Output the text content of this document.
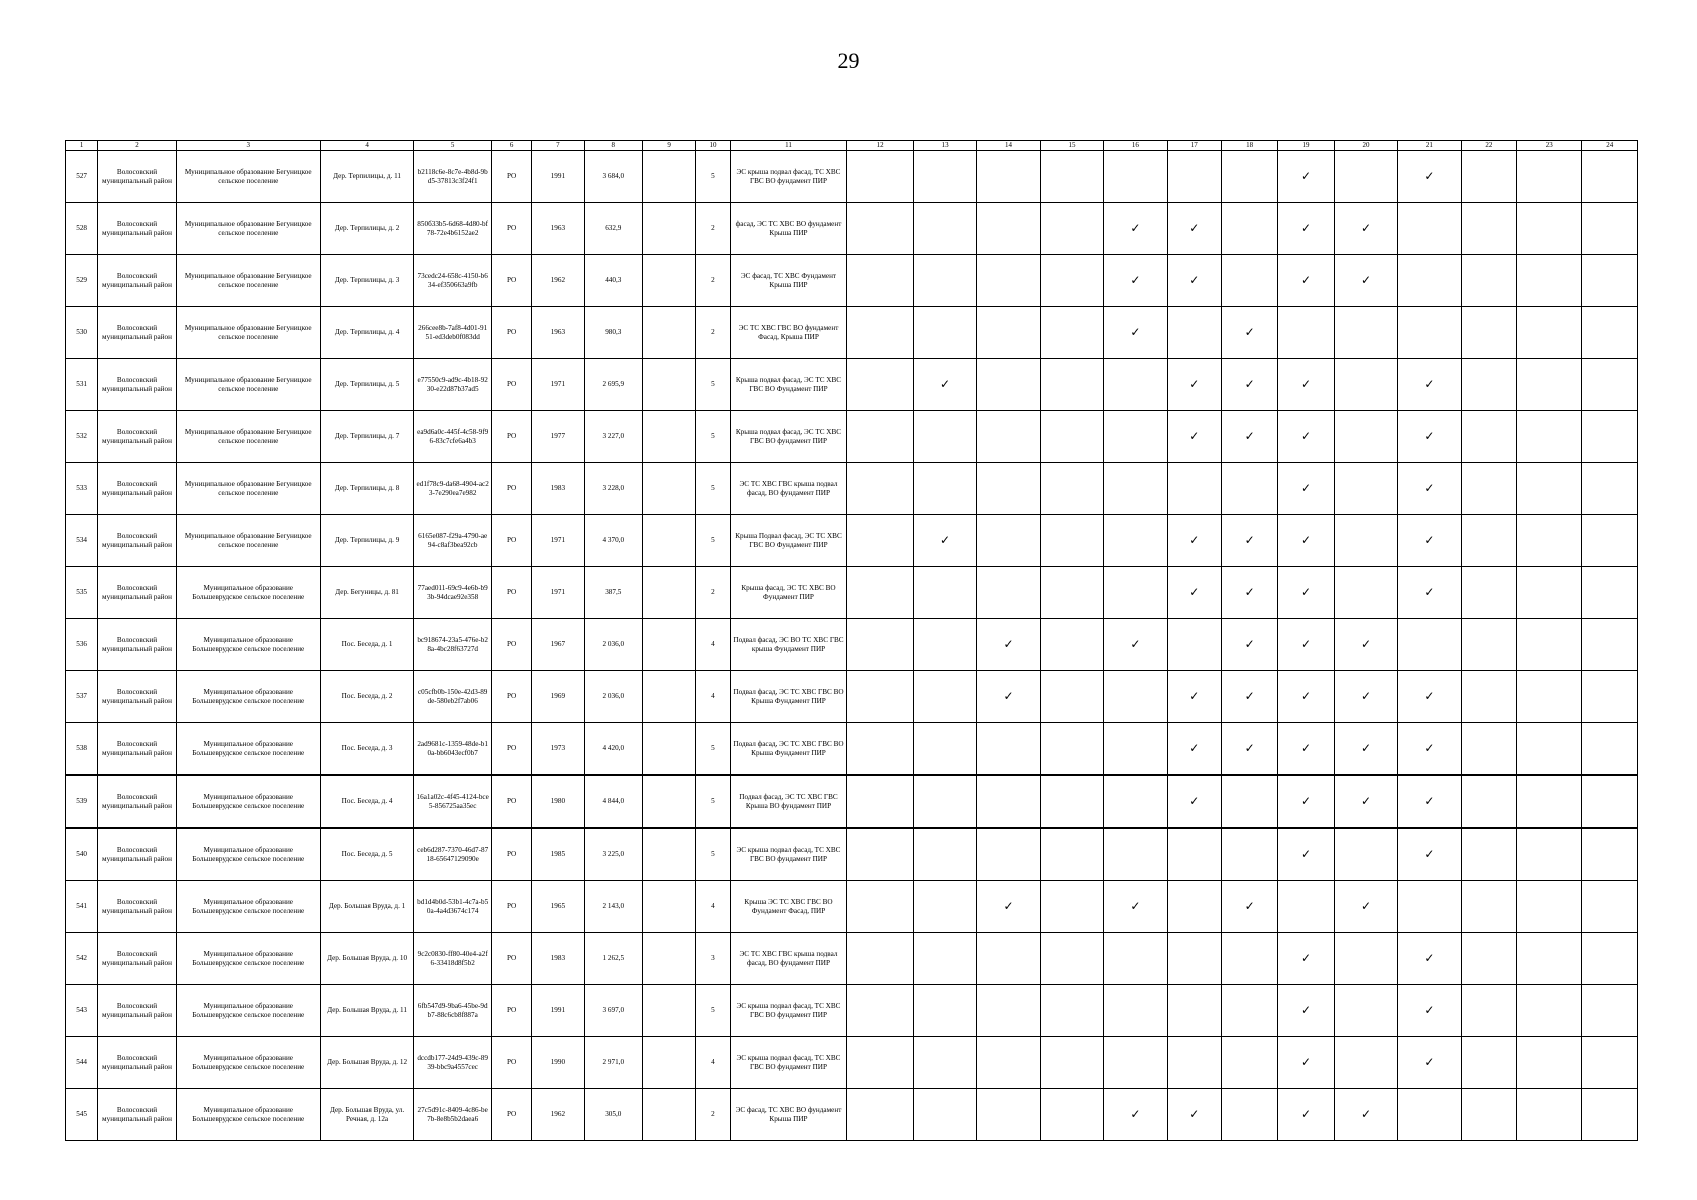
29
1	2	3	4	5	6	7	8	9	10	11	12	13	14	15	16	17	18	19	20	21	22	23	24
527	Волосовский муниципальный район	Муниципальное образование Бегуницкое сельское поселение	Дер. Терпилицы, д. 11	b2118c6e-8c7e-4b8d-9bd5-37813c3f24f1	РО	1991	3 684,0		5	ЭС крыша подвал фасад, ТС ХВС ГВС ВО фундамент ПИР								✓		✓			
528	Волосовский муниципальный район	Муниципальное образование Бегуницкое сельское поселение	Дер. Терпилицы, д. 2	850б33b5-6d68-4d80-bf78-72e4b6152ae2	РО	1963	632,9		2	фасад, ЭС ТС ХВС ВО фундамент Крыша ПИР					✓	✓		✓	✓				
529	Волосовский муниципальный район	Муниципальное образование Бегуницкое сельское поселение	Дер. Терпилицы, д. 3	73cedc24-658c-4150-b634-ef350663a9fb	РО	1962	440,3		2	ЭС фасад, ТС ХВС Фундамент Крыша ПИР					✓	✓		✓	✓				
530	Волосовский муниципальный район	Муниципальное образование Бегуницкое сельское поселение	Дер. Терпилицы, д. 4	266cee8b-7af8-4d01-9151-ed3deb0f083dd	РО	1963	980,3		2	ЭС ТС ХВС ГВС ВО фундамент Фасад, Крыша ПИР					✓		✓						
531	Волосовский муниципальный район	Муниципальное образование Бегуницкое сельское поселение	Дер. Терпилицы, д. 5	e77550c9-ad9c-4b18-9230-e22d87b37ad5	РО	1971	2 695,9		5	Крыша подвал фасад, ЭС ТС ХВС ГВС ВО Фундамент ПИР		✓				✓	✓	✓		✓			
532	Волосовский муниципальный район	Муниципальное образование Бегуницкое сельское поселение	Дер. Терпилицы, д. 7	ea9d6a0c-445f-4c58-9f96-83c7cfe6a4b3	РО	1977	3 227,0		5	Крыша подвал фасад, ЭС ТС ХВС ГВС ВО фундамент ПИР						✓	✓	✓		✓			
533	Волосовский муниципальный район	Муниципальное образование Бегуницкое сельское поселение	Дер. Терпилицы, д. 8	ed1f78c9-da68-4904-ac23-7e290ea7e982	РО	1983	3 228,0		5	ЭС ТС ХВС ГВС крыша подвал фасад, ВО фундамент ПИР								✓		✓			
534	Волосовский муниципальный район	Муниципальное образование Бегуницкое сельское поселение	Дер. Терпилицы, д. 9	6165e087-f29a-4790-ae94-c8af3bea92cb	РО	1971	4 370,0		5	Крыша Подвал фасад, ЭС ТС ХВС ГВС ВО Фундамент ПИР		✓				✓	✓	✓		✓			
535	Волосовский муниципальный район	Муниципальное образование Большеврудское сельское поселение	Дер. Бегуницы, д. 81	77aed011-69c9-4e6b-b93b-94dcae92e358	РО	1971	387,5		2	Крыша фасад, ЭС ТС ХВС ВО Фундамент ПИР						✓	✓	✓		✓			
536	Волосовский муниципальный район	Муниципальное образование Большеврудское сельское поселение	Пос. Беседа, д. 1	bc918674-23a5-476e-b28a-4bc28f63727d	РО	1967	2 036,0		4	Подвал фасад, ЭС ВО ТС ХВС ГВС крыша Фундамент ПИР			✓		✓		✓	✓	✓				
537	Волосовский муниципальный район	Муниципальное образование Большеврудское сельское поселение	Пос. Беседа, д. 2	c05cfb0b-150e-42d3-89de-580eb2f7ab06	РО	1969	2 036,0		4	Подвал фасад, ЭС ТС ХВС ГВС ВО Крыша Фундамент ПИР			✓			✓	✓	✓	✓	✓			
538	Волосовский муниципальный район	Муниципальное образование Большеврудское сельское поселение	Пос. Беседа, д. 3	2ad9681c-1359-48de-b10a-bb6043ecf0b7	РО	1973	4 420,0		5	Подвал фасад, ЭС ТС ХВС ГВС ВО Крыша Фундамент ПИР						✓	✓	✓	✓	✓			
539	Волосовский муниципальный район	Муниципальное образование Большеврудское сельское поселение	Пос. Беседа, д. 4	16a1a02c-4f45-4124-bce5-856725aa35ec	РО	1980	4 844,0		5	Подвал фасад, ЭС ТС ХВС ГВС Крыша ВО фундамент ПИР						✓		✓	✓	✓			
540	Волосовский муниципальный район	Муниципальное образование Большеврудское сельское поселение	Пос. Беседа, д. 5	ceb6d287-7370-46d7-8718-65647129090e	РО	1985	3 225,0		5	ЭС крыша подвал фасад, ТС ХВС ГВС ВО фундамент ПИР								✓		✓			
541	Волосовский муниципальный район	Муниципальное образование Большеврудское сельское поселение	Дер. Большая Вруда, д. 1	bd1d4b0d-53b1-4c7a-b50a-4a4d3674c174	РО	1965	2 143,0		4	Крыша ЭС ТС ХВС ГВС ВО Фундамент Фасад, ПИР			✓		✓		✓		✓				
542	Волосовский муниципальный район	Муниципальное образование Большеврудское сельское поселение	Дер. Большая Вруда, д. 10	9c2c0830-ff80-40e4-a2f6-33418d8f5b2	РО	1983	1 262,5		3	ЭС ТС ХВС ГВС крыша подвал фасад, ВО фундамент ПИР								✓		✓			
543	Волосовский муниципальный район	Муниципальное образование Большеврудское сельское поселение	Дер. Большая Вруда, д. 11	6fb547d9-9ba6-45be-9db7-88c6cb8f887a	РО	1991	3 697,0		5	ЭС крыша подвал фасад, ТС ХВС ГВС ВО фундамент ПИР								✓		✓			
544	Волосовский муниципальный район	Муниципальное образование Большеврудское сельское поселение	Дер. Большая Вруда, д. 12	dccdb177-24d9-439c-8939-bbc9a4557cec	РО	1990	2 971,0		4	ЭС крыша подвал фасад, ТС ХВС ГВС ВО фундамент ПИР								✓		✓			
545	Волосовский муниципальный район	Муниципальное образование Большеврудское сельское поселение	Дер. Большая Вруда, ул. Речная, д. 12а	27c5d91c-8409-4c86-be7b-8e8b5b2daea6	РО	1962	305,0		2	ЭС фасад, ТС ХВС ВО фундамент Крыша ПИР					✓	✓		✓	✓				
